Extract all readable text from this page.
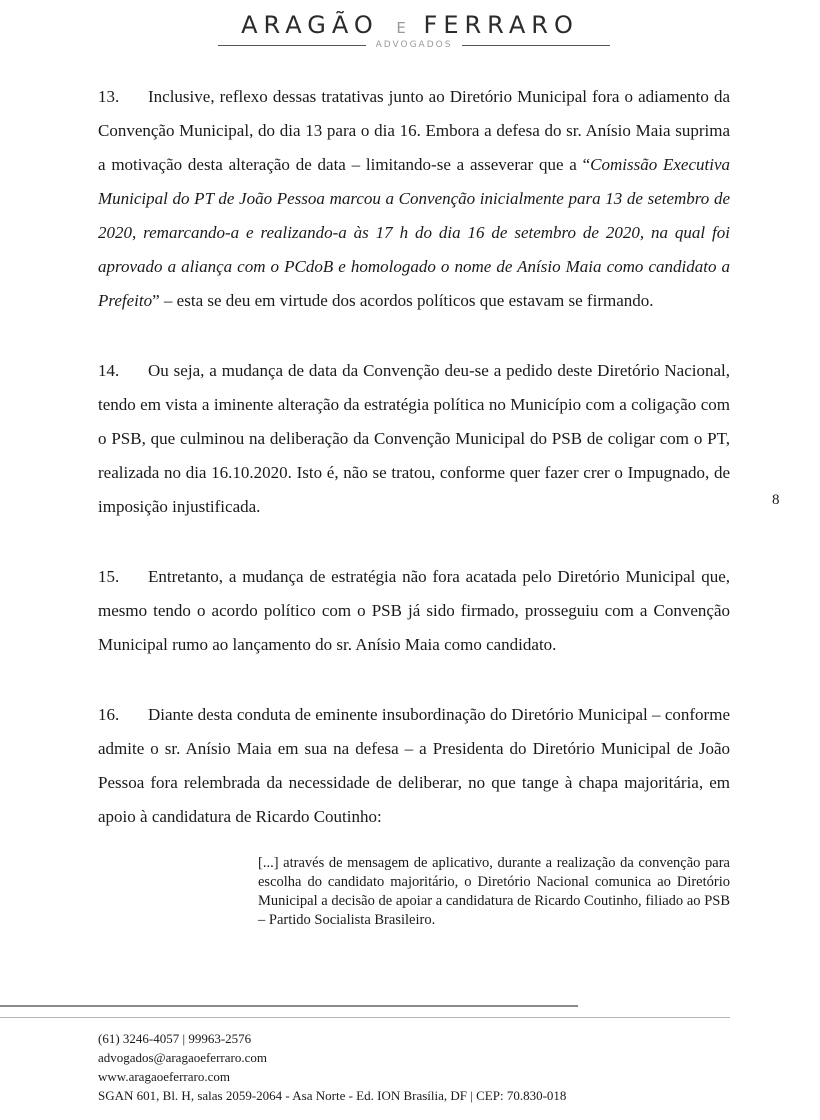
ARAGÃO E FERRARO
ADVOGADOS

13. Inclusive, reflexo dessas tratativas junto ao Diretório Municipal fora o adiamento da Convenção Municipal, do dia 13 para o dia 16. Embora a defesa do sr. Anísio Maia suprima a motivação desta alteração de data – limitando-se a asseverar que a “Comissão Executiva Municipal do PT de João Pessoa marcou a Convenção inicialmente para 13 de setembro de 2020, remarcando-a e realizando-a às 17 h do dia 16 de setembro de 2020, na qual foi aprovado a aliança com o PCdoB e homologado o nome de Anísio Maia como candidato a Prefeito” – esta se deu em virtude dos acordos políticos que estavam se firmando.

14. Ou seja, a mudança de data da Convenção deu-se a pedido deste Diretório Nacional, tendo em vista a iminente alteração da estratégia política no Município com a coligação com o PSB, que culminou na deliberação da Convenção Municipal do PSB de coligar com o PT, realizada no dia 16.10.2020. Isto é, não se tratou, conforme quer fazer crer o Impugnado, de imposição injustificada.

15. Entretanto, a mudança de estratégia não fora acatada pelo Diretório Municipal que, mesmo tendo o acordo político com o PSB já sido firmado, prosseguiu com a Convenção Municipal rumo ao lançamento do sr. Anísio Maia como candidato.

16. Diante desta conduta de eminente insubordinação do Diretório Municipal – conforme admite o sr. Anísio Maia em sua na defesa – a Presidenta do Diretório Municipal de João Pessoa fora relembrada da necessidade de deliberar, no que tange à chapa majoritária, em apoio à candidatura de Ricardo Coutinho:

[...] através de mensagem de aplicativo, durante a realização da convenção para escolha do candidato majoritário, o Diretório Nacional comunica ao Diretório Municipal a decisão de apoiar a candidatura de Ricardo Coutinho, filiado ao PSB – Partido Socialista Brasileiro.

8
(61) 3246-4057 | 99963-2576
advogados@aragaoeferraro.com
www.aragaoeferraro.com
SGAN 601, Bl. H, salas 2059-2064 - Asa Norte - Ed. ION Brasília, DF | CEP: 70.830-018
